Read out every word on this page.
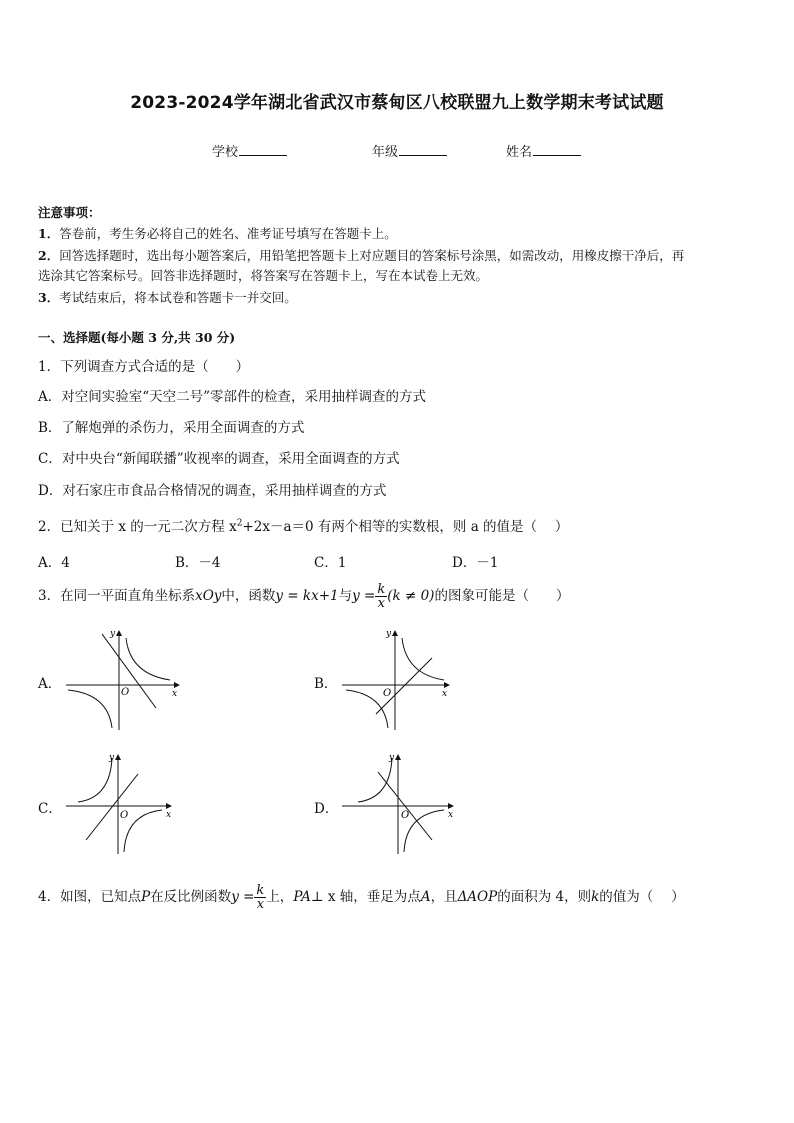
2023-2024学年湖北省武汉市蔡甸区八校联盟九上数学期末考试试题
学校	年级	姓名
注意事项：
1．答卷前，考生务必将自己的姓名、准考证号填写在答题卡上。
2．回答选择题时，选出每小题答案后，用铅笔把答题卡上对应题目的答案标号涂黑，如需改动，用橡皮擦干净后，再
选涂其它答案标号。回答非选择题时，将答案写在答题卡上，写在本试卷上无效。
3．考试结束后，将本试卷和答题卡一并交回。
一、选择题(每小题 3 分,共 30 分)
1．下列调查方式合适的是（　　）
A．对空间实验室“天空二号”零部件的检查，采用抽样调查的方式
B．了解炮弹的杀伤力，采用全面调查的方式
C．对中央台“新闻联播”收视率的调查，采用全面调查的方式
D．对石家庄市食品合格情况的调查，采用抽样调查的方式
2．已知关于 x 的一元二次方程 $x^2+2x-a=0$ 有两个相等的实数根，则 a 的值是（　 ）
A．4	B．－4	C．1	D．－1
3．在同一平面直角坐标系xOy中，函数y = kx+1与$y = \frac{k}{x} (k \ne 0)$的图象可能是（　　）
A．	B．
C．	D．
y
x
O
y
x
O
y
x
O
y
x
O
4．如图，已知点P在反比例函数$y = \frac{k}{x}$ 上，PA⊥ x 轴，垂足为点A，且ΔAOP的面积为 4，则k的值为（　 ）
